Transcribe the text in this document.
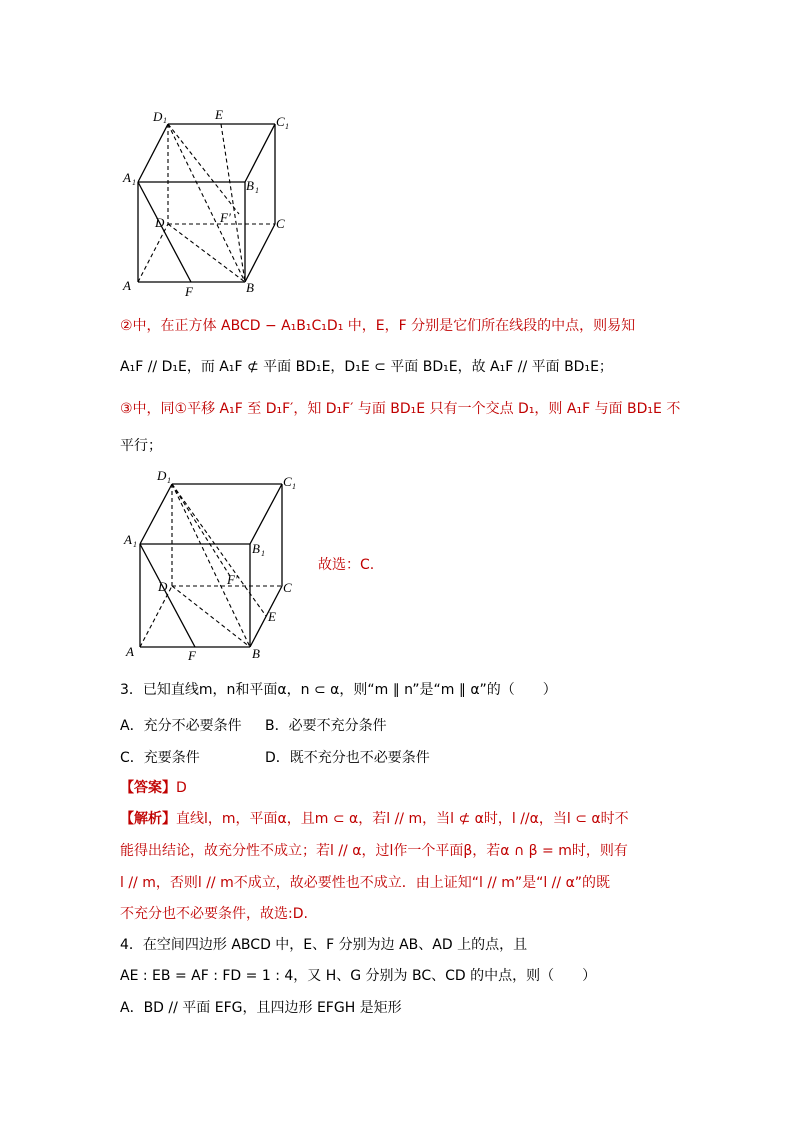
D 1	E	C 1
A 1	B 1
D	F′	C
A	F	B
②中，在正方体 ABCD − A₁B₁C₁D₁ 中，E，F 分别是它们所在线段的中点，则易知
A₁F // D₁E，而 A₁F ⊄ 平面 BD₁E，D₁E ⊂ 平面 BD₁E，故 A₁F // 平面 BD₁E；
③中，同①平移 A₁F 至 D₁F′，知 D₁F′ 与面 BD₁E 只有一个交点 D₁，则 A₁F 与面 BD₁E 不
平行；
D 1	C 1
A 1	B 1
D	F′
C
E
A	F	B
故选：C.
3．已知直线m，n和平面α，n ⊂ α，则“m ∥ n”是“m ∥ α”的（　　）
A．充分不必要条件 B．必要不充分条件
C．充要条件	D．既不充分也不必要条件
【答案】D
【解析】直线l，m，平面α，且m ⊂ α，若l // m，当l ⊄ α时，l //α，当l ⊂ α时不
能得出结论，故充分性不成立；若l // α，过l作一个平面β，若α ∩ β = m时，则有
l // m，否则l // m不成立，故必要性也不成立．由上证知“l // m”是“l // α”的既
不充分也不必要条件，故选:D.
4．在空间四边形 ABCD 中，E、F 分别为边 AB、AD 上的点，且
AE : EB = AF : FD = 1 : 4，又 H、G 分别为 BC、CD 的中点，则（　　）
A．BD // 平面 EFG，且四边形 EFGH 是矩形
